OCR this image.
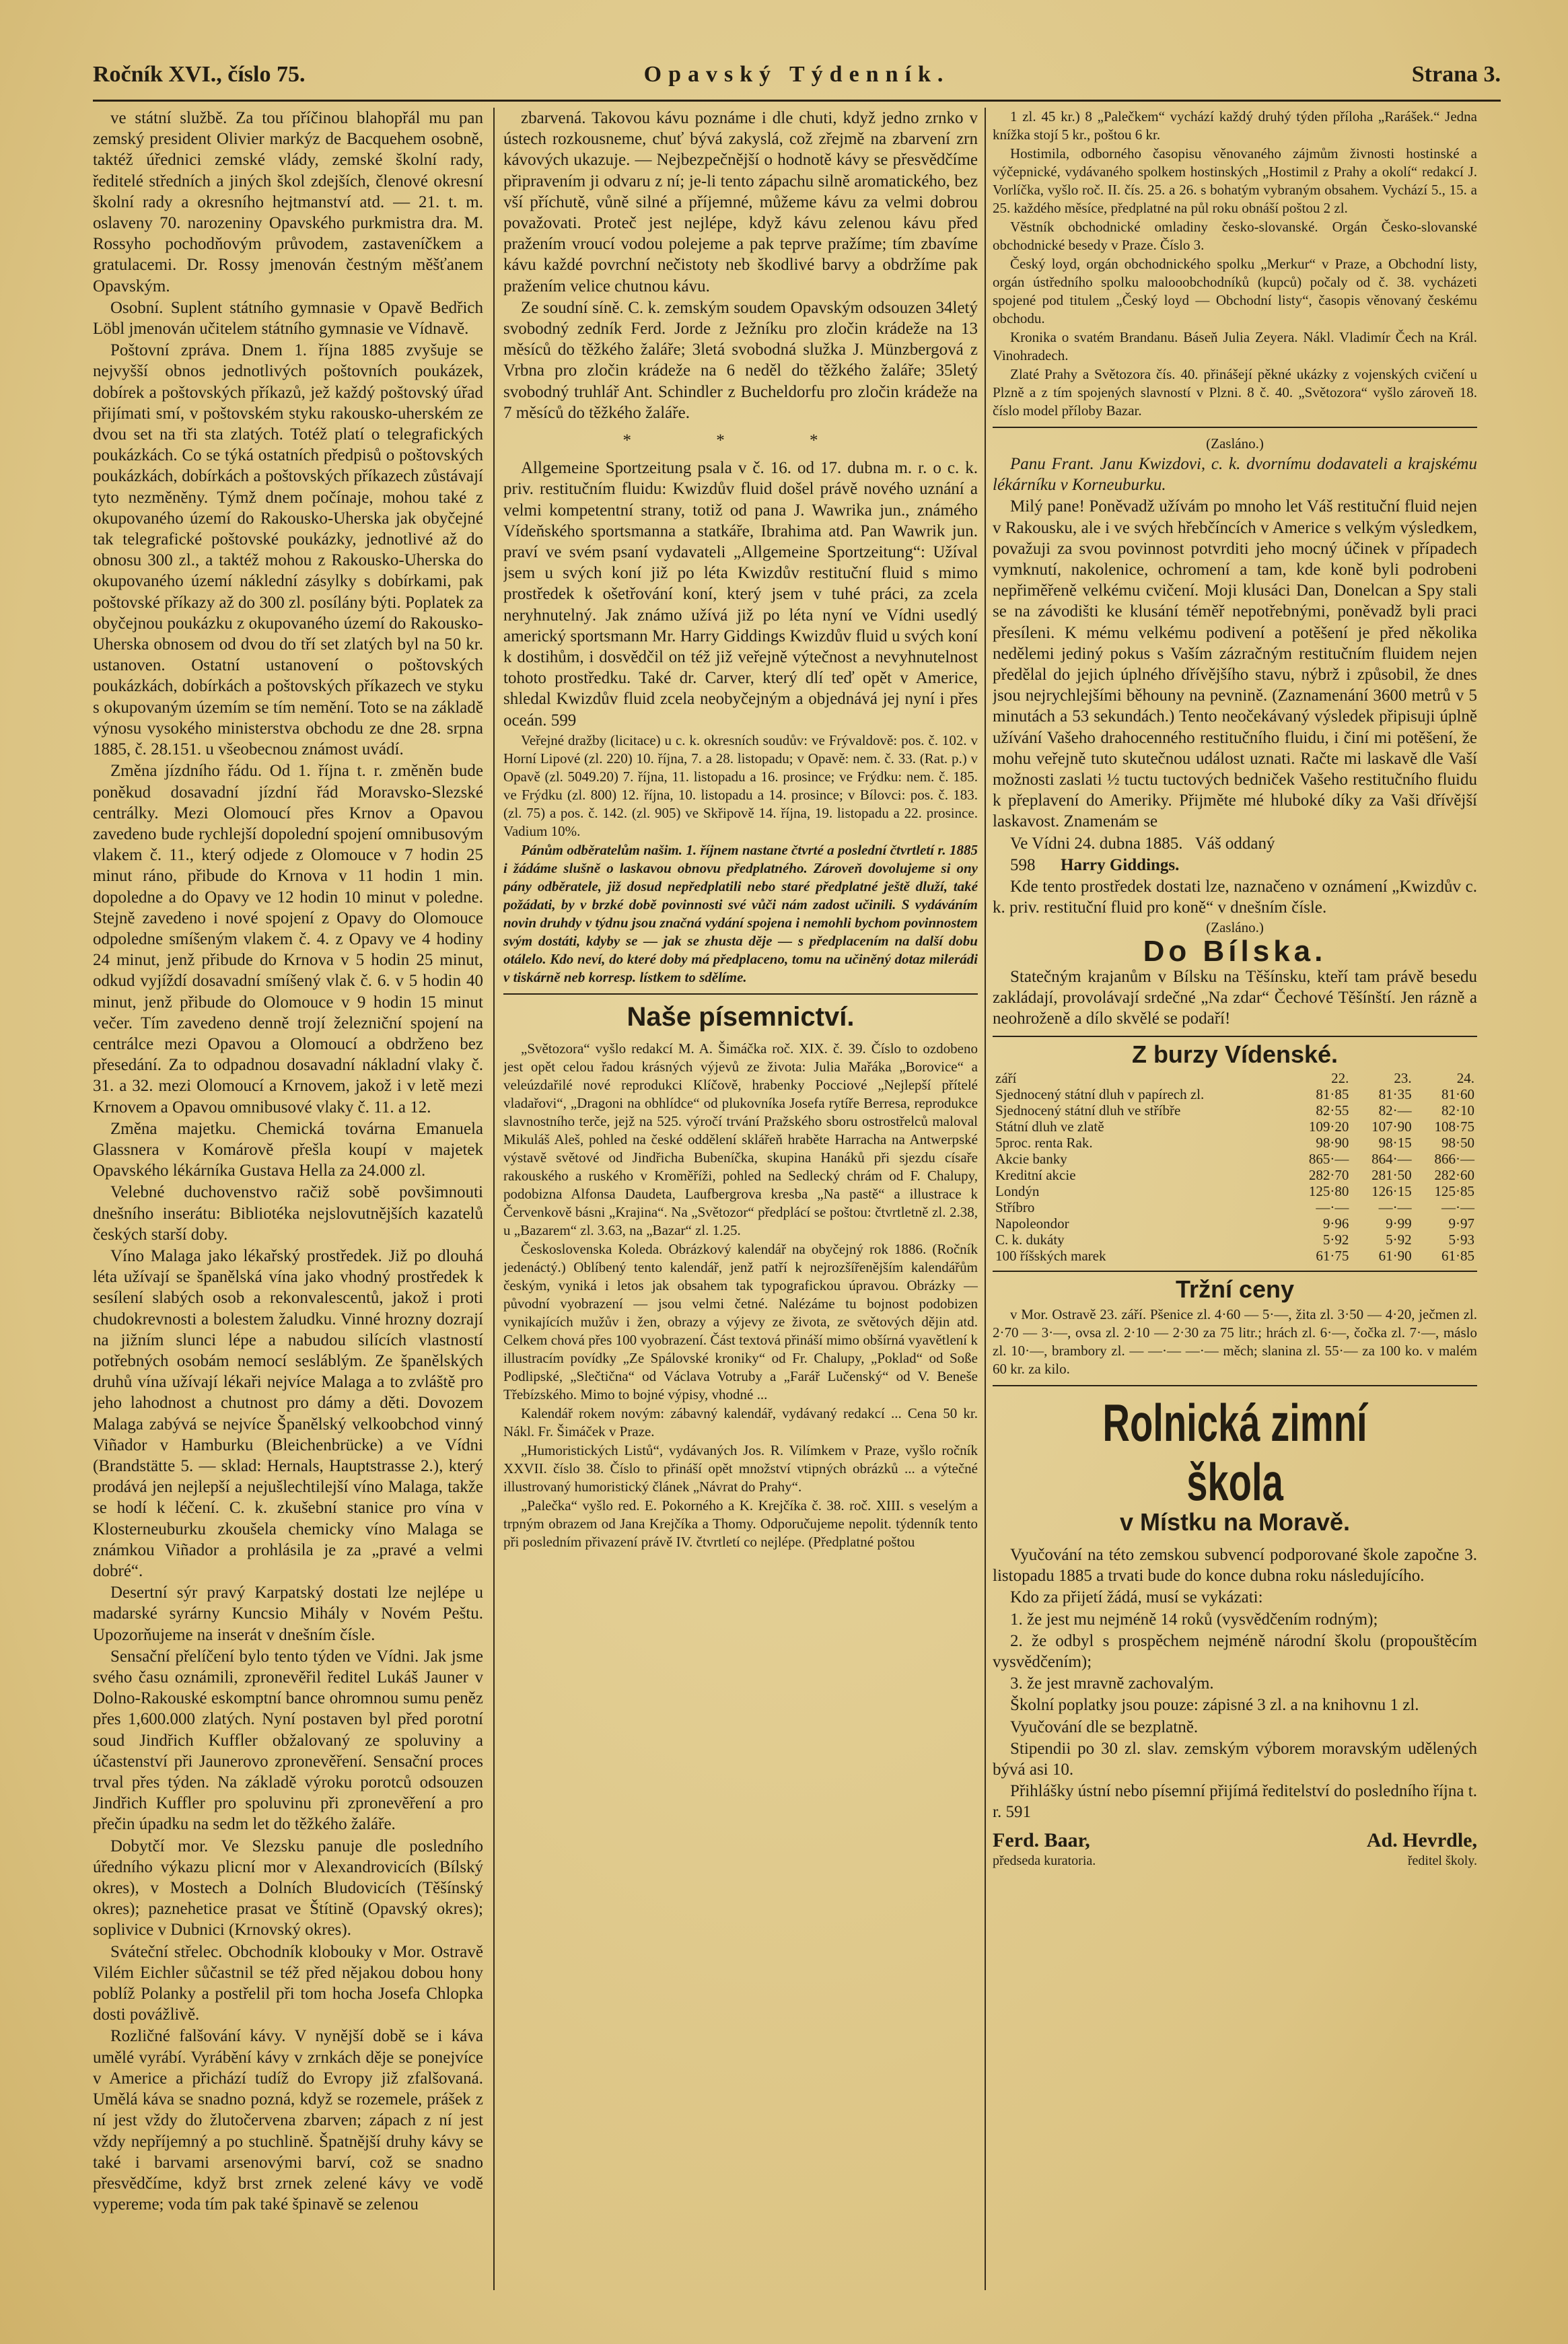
Ročník XVI., číslo 75.	Opavský Týdenník.	Strana 3.

ve státní službě. Za tou příčinou blahopřál mu pan zemský president Olivier markýz de Bacquehem osobně, taktéž úřednici zemské vlády, zemské školní rady, ředitelé středních a jiných škol zdejších, členové okresní školní rady a okresního hejtmanství atd. — 21. t. m. oslaveny 70. narozeniny Opavského purkmistra dra. M. Rossyho pochodňovým průvodem, zastaveníčkem a gratulacemi. Dr. Rossy jmenován čestným měšťanem Opavským.

Osobní. Suplent státního gymnasie v Opavě Bedřich Löbl jmenován učitelem státního gymnasie ve Vídnavě.

Poštovní zpráva. Dnem 1. října 1885 zvyšuje se nejvyšší obnos jednotlivých poštovních poukázek, dobírek a poštovských příkazů, jež každý poštovský úřad přijímati smí, v poštovském styku rakousko-uherském ze dvou set na tři sta zlatých. Totéž platí o telegrafických poukázkách. Co se týká ostatních předpisů o poštovských poukázkách, dobírkách a poštovských příkazech zůstávají tyto nezměněny. Týmž dnem počínaje, mohou také z okupovaného území do Rakousko-Uherska jak obyčejné tak telegrafické poštovské poukázky, jednotlivé až do obnosu 300 zl., a taktéž mohou z Rakousko-Uherska do okupovaného území náklední zásylky s dobírkami, pak poštovské příkazy až do 300 zl. posílány býti. Poplatek za obyčejnou poukázku z okupovaného území do Rakousko-Uherska obnosem od dvou do tří set zlatých byl na 50 kr. ustanoven. Ostatní ustanovení o poštovských poukázkách, dobírkách a poštovských příkazech ve styku s okupovaným územím se tím nemění. Toto se na základě výnosu vysokého ministerstva obchodu ze dne 28. srpna 1885, č. 28.151. u všeobecnou známost uvádí.

Změna jízdního řádu. Od 1. října t. r. změněn bude poněkud dosavadní jízdní řád Moravsko-Slezské centrálky. Mezi Olomoucí přes Krnov a Opavou zavedeno bude rychlejší dopolední spojení omnibusovým vlakem č. 11., který odjede z Olomouce v 7 hodin 25 minut ráno, přibude do Krnova v 11 hodin 1 min. dopoledne a do Opavy ve 12 hodin 10 minut v poledne. Stejně zavedeno i nové spojení z Opavy do Olomouce odpoledne smíšeným vlakem č. 4. z Opavy ve 4 hodiny 24 minut, jenž přibude do Krnova v 5 hodin 25 minut, odkud vyjíždí dosavadní smíšený vlak č. 6. v 5 hodin 40 minut, jenž přibude do Olomouce v 9 hodin 15 minut večer. Tím zavedeno denně trojí železniční spojení na centrálce mezi Opavou a Olomoucí a obdrženo bez přesedání. Za to odpadnou dosavadní nákladní vlaky č. 31. a 32. mezi Olomoucí a Krnovem, jakož i v letě mezi Krnovem a Opavou omnibusové vlaky č. 11. a 12.

Změna majetku. Chemická továrna Emanuela Glassnera v Komárově přešla koupí v majetek Opavského lékárníka Gustava Hella za 24.000 zl.

Velebné duchovenstvo račiž sobě povšimnouti dnešního inserátu: Bibliotéka nejslovutnějších kazatelů českých starší doby.

Víno Malaga jako lékařský prostředek. Již po dlouhá léta užívají se španělská vína jako vhodný prostředek k sesílení slabých osob a rekonvalescentů, jakož i proti chudokrevnosti a bolestem žaludku. Vinné hrozny dozrají na jižním slunci lépe a nabudou silících vlastností potřebných osobám nemocí sesláblým. Ze španělských druhů vína užívají lékaři nejvíce Malaga a to zvláště pro jeho lahodnost a chutnost pro dámy a děti. Dovozem Malaga zabývá se nejvíce Španělský velkoobchod vinný Viñador v Hamburku (Bleichenbrücke) a ve Vídni (Brandstätte 5. — sklad: Hernals, Hauptstrasse 2.), který prodává jen nejlepší a nejušlechtilejší víno Malaga, takže se hodí k léčení. C. k. zkušební stanice pro vína v Klosterneuburku zkoušela chemicky víno Malaga se známkou Viñador a prohlásila je za „pravé a velmi dobré“.

Desertní sýr pravý Karpatský dostati lze nejlépe u madarské syrárny Kuncsio Mihály v Novém Peštu. Upozorňujeme na inserát v dnešním čísle.

Sensační přelíčení bylo tento týden ve Vídni. Jak jsme svého času oznámili, zpronevěřil ředitel Lukáš Jauner v Dolno-Rakouské eskomptní bance ohromnou sumu peněz přes 1,600.000 zlatých. Nyní postaven byl před porotní soud Jindřich Kuffler obžalovaný ze spoluviny a účastenství při Jaunerovo zpronevěření. Sensační proces trval přes týden. Na základě výroku porotců odsouzen Jindřich Kuffler pro spoluvinu při zpronevěření a pro přečin úpadku na sedm let do těžkého žaláře.

Dobytčí mor. Ve Slezsku panuje dle posledního úředního výkazu plicní mor v Alexandrovicích (Bílský okres), v Mostech a Dolních Bludovicích (Těšínský okres); pazneheticе prasat ve Štítině (Opavský okres); soplivice v Dubnici (Krnovský okres).

Sváteční střelec. Obchodník klobouky v Mor. Ostravě Vilém Eichler sůčastnil se též před nějakou dobou hony poblíž Polanky a postřelil při tom hocha Josefa Chlopka dosti povážlivě.

Rozličné falšování kávy. V nynější době se i káva umělé vyrábí. Vyrábění kávy v zrnkách děje se ponejvíce v Americe a přichází tudíž do Evropy již zfalšovaná. Umělá káva se snadno pozná, když se rozemele, prášek z ní jest vždy do žlutočervena zbarven; zápach z ní jest vždy nepříjemný a po stuchlině. Špatnější druhy kávy se také i barvami arsenovými barví, což se snadno přesvědčíme, když brst zrnek zelené kávy ve vodě vypereme; voda tím pak také špinavě se zelenou

zbarvená. Takovou kávu poznáme i dle chuti, když jedno zrnko v ústech rozkousneme, chuť bývá zakyslá, což zřejmě na zbarvení zrn kávových ukazuje. — Nejbezpečnější o hodnotě kávy se přesvědčíme připravením ji odvaru z ní; je-li tento zápachu silně aromatického, bez vší příchutě, vůně silné a příjemné, můžeme kávu za velmi dobrou považovati. Proteč jest nejlépe, když kávu zelenou kávu před pražením vroucí vodou polejeme a pak teprve pražíme; tím zbavíme kávu každé povrchní nečistoty neb škodlivé barvy a obdržíme pak pražením velice chutnou kávu.

Ze soudní síně. C. k. zemským soudem Opavským odsouzen 34letý svobodný zedník Ferd. Jorde z Ježníku pro zločin krádeže na 13 měsíců do těžkého žaláře; 3letá svobodná služka J. Münzbergová z Vrbna pro zločin krádeže na 6 neděl do těžkého žaláře; 35letý svobodný truhlář Ant. Schindler z Bucheldorfu pro zločin krádeže na 7 měsíců do těžkého žaláře.

* * *

Allgemeine Sportzeitung psala v č. 16. od 17. dubna m. r. o c. k. priv. restitučním fluidu: Kwizdův fluid došel právě nového uznání a velmi kompetentní strany, totiž od pana J. Wawrika jun., známého Vídeňského sportsmanna a statkáře, Ibrahima atd. Pan Wawrik jun. praví ve svém psaní vydavateli „Allgemeine Sportzeitung“: Užíval jsem u svých koní již po léta Kwizdův restituční fluid s mimo prostředek k ošetřování koní, který jsem v tuhé práci, za zcela neryhnutelný. Jak známo užívá již po léta nyní ve Vídni usedlý americký sportsmann Mr. Harry Giddings Kwizdův fluid u svých koní k dostihům, i dosvědčil on též již veřejně výtečnost a nevyhnutelnost tohoto prostředku. Také dr. Carver, který dlí teď opět v Americe, shledal Kwizdův fluid zcela neobyčejným a objednává jej nyní i přes oceán. 599

Veřejné dražby (licitace) u c. k. okresních soudův: ve Frývaldově: pos. č. 102. v Horní Lipové (zl. 220) 10. října, 7. a 28. listopadu; v Opavě: nem. č. 33. (Rat. p.) v Opavě (zl. 5049.20) 7. října, 11. listopadu a 16. prosince; ve Frýdku: nem. č. 185. ve Frýdku (zl. 800) 12. října, 10. listopadu a 14. prosince; v Bílovci: pos. č. 183. (zl. 75) a pos. č. 142. (zl. 905) ve Skřipově 14. října, 19. listopadu a 22. prosince. Vadium 10%.

Pánům odběratelům našim. 1. říjnem nastane čtvrté a poslední čtvrtletí r. 1885 i žádáme slušně o laskavou obnovu předplatného. Zároveň dovolujeme si ony pány odběratele, již dosud nepředplatili nebo staré předplatné ještě dluží, také požádati, by v brzké době povinnosti své vůči nám zadost učinili. S vydáváním novin druhdy v týdnu jsou značná vydání spojena i nemohli bychom povinnostem svým dostáti, kdyby se — jak se zhusta děje — s předplacením na další dobu otálelo. Kdo neví, do které doby má předplaceno, tomu na učiněný dotaz milerádi v tiskárně neb korresp. lístkem to sdělíme.

Naše písemnictví.

„Světozora“ vyšlo redakcí M. A. Šimáčka roč. XIX. č. 39. Číslo to ozdobeno jest opět celou řadou krásných výjevů ze života: Julia Mařáka „Borovice“ a veleúzdařilé nové reprodukci Klíčově, hrabenky Pocciové „Nejlepší přítelé vladařovi“, „Dragoni na obhlídce“ od plukovníka Josefa rytíře Berresa, reprodukce slavnostního terče, jejž na 525. výročí trvání Pražského sboru ostrostřelců maloval Mikuláš Aleš, pohled na české oddělení sklářeň hraběte Harracha na Antwerpské výstavě světové od Jindřicha Bubeníčka, skupina Hanáků při sjezdu císaře rakouského a ruského v Kroměříži, pohled na Sedlecký chrám od F. Chalupy, podobizna Alfonsa Daudeta, Laufbergrova kresba „Na pastě“ a illustrace k Červenkově básni „Krajina“. Na „Světozor“ předplácí se poštou: čtvrtletně zl. 2.38, u „Bazarem“ zl. 3.63, na „Bazar“ zl. 1.25.

Československa Koleda. Obrázkový kalendář na obyčejný rok 1886. (Ročník jedenáctý.) Oblíbený tento kalendář, jenž patří k nejrozšířenějším kalendářům českým, vyniká i letos jak obsahem tak typografickou úpravou. Obrázky — původní vyobrazení — jsou velmi četné. Nalézáme tu bojnost podobizen vynikajících mužův i žen, obrazy a výjevy ze života, ze světových dějin atd. Celkem chová přes 100 vyobrazení. Část textová přináší mimo obšírná vyavětlení k illustracím povídky „Ze Spálovské kroniky“ od Fr. Chalupy, „Poklad“ od Soße Podlipské, „Slečtična“ od Václava Votruby a „Farář Lučenský“ od V. Beneše Třebízského. Mimo to bojné výpisy, vhodné ...

Kalendář rokem novým: zábavný kalendář, vydávaný redakcí ... Cena 50 kr. Nákl. Fr. Šimáček v Praze.

„Humoristických Listů“, vydávaných Jos. R. Vilímkem v Praze, vyšlo ročník XXVII. číslo 38. Číslo to přináší opět množství vtipných obrázků ... a výtečné illustrovaný humoristický článek „Návrat do Prahy“.

„Palečka“ vyšlo red. E. Pokorného a K. Krejčíka č. 38. roč. XIII. s veselým a trpným obrazem od Jana Krejčíka a Thomy. Odporučujeme nepolit. týdenník tento při posledním přivazení právě IV. čtvrtletí co nejlépe. (Předplatné poštou

1 zl. 45 kr.) 8 „Palečkem“ vychází každý druhý týden příloha „Rarášek.“ Jedna knížka stojí 5 kr., poštou 6 kr.

Hostimila, odborného časopisu věnovaného zájmům živnosti hostinské a výčepnické, vydávaného spolkem hostinských „Hostimil z Prahy a okolí“ redakcí J. Vorlíčka, vyšlo roč. II. čís. 25. a 26. s bohatým vybraným obsahem. Vychází 5., 15. a 25. každého měsíce, předplatné na půl roku obnáší poštou 2 zl.

Věstník obchodnické omladiny česko-slovanské. Orgán Česko-slovanské obchodnické besedy v Praze. Číslo 3.

Český loyd, orgán obchodnického spolku „Merkur“ v Praze, a Obchodní listy, orgán ústředního spolku malooobchodníků (kupců) počaly od č. 38. vycházeti spojené pod titulem „Český loyd — Obchodní listy“, časopis věnovaný českému obchodu.

Kronika o svatém Brandanu. Báseň Julia Zeyera. Nákl. Vladimír Čech na Král. Vinohradech.

Zlaté Prahy a Světozora čís. 40. přinášejí pěkné ukázky z vojenských cvičení u Plzně a z tím spojených slavností v Plzni. 8 č. 40. „Světozora“ vyšlo zároveň 18. číslo model příloby Bazar.

(Zasláno.)

Panu Frant. Janu Kwizdovi, c. k. dvornímu dodavateli a krajskému lékárníku v Korneuburku.

Milý pane! Poněvadž užívám po mnoho let Váš restituční fluid nejen v Rakousku, ale i ve svých hřebčíncích v Americe s velkým výsledkem, považuji za svou povinnost potvrditi jeho mocný účinek v případech vymknutí, nakolenice, ochromení a tam, kde koně byli podrobeni nepřiměřeně velkému cvičení. Moji klusáci Dan, Donelcan a Spy stali se na závodišti ke klusání téměř nepotřebnými, poněvadž byli praci přesíleni. K mému velkému podivení a potěšení je před několika nedělemi jediný pokus s Vaším zázračným restitučním fluidem nejen předělal do jejich úplného dřívějšího stavu, nýbrž i způsobil, že dnes jsou nejrychlejšími běhouny na pevnině. (Zaznamenání 3600 metrů v 5 minutách a 53 sekundách.) Tento neočekávaný výsledek připisuji úplně užívání Vašeho drahocenného restitučního fluidu, i činí mi potěšení, že mohu veřejně tuto skutečnou událost uznati. Račte mi laskavě dle Vaší možnosti zaslati ½ tuctu tuctových bedniček Vašeho restitučního fluidu k přeplavení do Ameriky. Přijměte mé hluboké díky za Vaši dřívější laskavost. Znamenám se

Ve Vídni 24. dubna 1885. Váš oddaný

598 Harry Giddings.

Kde tento prostředek dostati lze, naznačeno v oznámení „Kwizdův c. k. priv. restituční fluid pro koně“ v dnešním čísle.

(Zasláno.)

Do Bílska.

Statečným krajanům v Bílsku na Těšínsku, kteří tam právě besedu zakládají, provolávají srdečné „Na zdar“ Čechové Těšínští. Jen rázně a neohroženě a dílo skvělé se podaří!

Z burzy Vídenské.
září	22.	23.	24.
Sjednocený státní dluh v papírech zl.	81·85	81·35	81·60
Sjednocený státní dluh ve stříbře	82·55	82·—	82·10
Státní dluh ve zlatě	109·20	107·90	108·75
5proc. renta Rak.	98·90	98·15	98·50
Akcie banky	865·—	864·—	866·—
Kreditní akcie	282·70	281·50	282·60
Londýn	125·80	126·15	125·85
Stříbro	—·—	—·—	—·—
Napoleondor	9·96	9·99	9·97
C. k. dukáty	5·92	5·92	5·93
100 říšských marek	61·75	61·90	61·85
Tržní ceny

v Mor. Ostravě 23. září. Pšenice zl. 4·60 — 5·—, žita zl. 3·50 — 4·20, ječmen zl. 2·70 — 3·—, ovsa zl. 2·10 — 2·30 za 75 litr.; hrách zl. 6·—, čočka zl. 7·—, máslo zl. 10·—, brambory zl. — —·— —·— měch; slanina zl. 55·— za 100 ko. v malém 60 kr. za kilo.

Rolnická zimní škola
v Místku na Moravě.

Vyučování na této zemskou subvencí podporované škole započne 3. listopadu 1885 a trvati bude do konce dubna roku následujícího.

Kdo za přijetí žádá, musí se vykázati:

1. že jest mu nejméně 14 roků (vysvědčením rodným);

2. že odbyl s prospěchem nejméně národní školu (propouštěcím vysvědčením);

3. že jest mravně zachovalým.

Školní poplatky jsou pouze: zápisné 3 zl. a na knihovnu 1 zl.

Vyučování dle se bezplatně.

Stipendii po 30 zl. slav. zemským výborem moravským udělených bývá asi 10.

Přihlášky ústní nebo písemní přijímá ředitelství do posledního října t. r. 591

Ferd. Baar,	Ad. Hevrdle,
předseda kuratoria.	ředitel školy.
